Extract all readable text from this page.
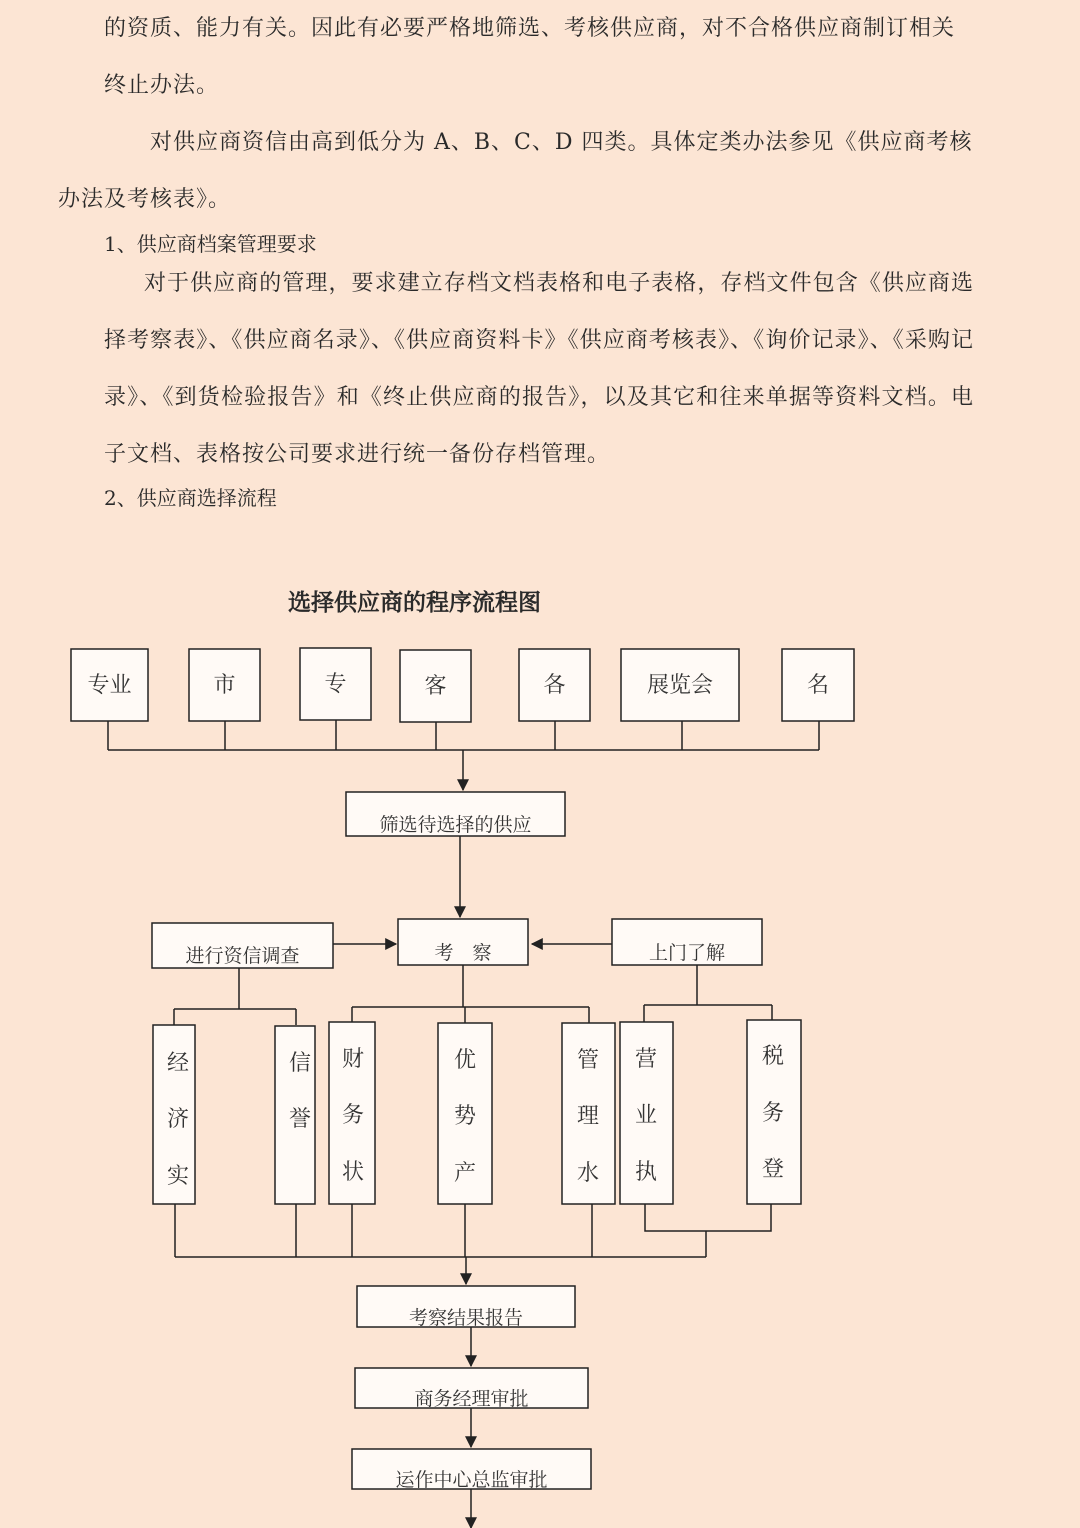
的资质、能力有关。因此有必要严格地筛选、考核供应商，对不合格供应商制订相关
终止办法。

对供应商资信由高到低分为 A、B、C、D 四类。具体定类办法参见《供应商考核
办法及考核表》。

1、供应商档案管理要求

对于供应商的管理，要求建立存档文档表格和电子表格，存档文件包含《供应商选择考察表》、《供应商名录》、《供应商资料卡》《供应商考核表》、《询价记录》、《采购记录》、《到货检验报告》和《终止供应商的报告》，以及其它和往来单据等资料文档。电子文档、表格按公司要求进行统一备份存档管理。

2、供应商选择流程
选择供应商的程序流程图
专业	市	专	客	各	展览会	名
筛选待选择的供应
进行资信调查	考　察	上门了解
经
济
实
信
誉
财
务
状
优
势
产
管
理
水
营
业
执
税
务
登
考察结果报告
商务经理审批
运作中心总监审批
